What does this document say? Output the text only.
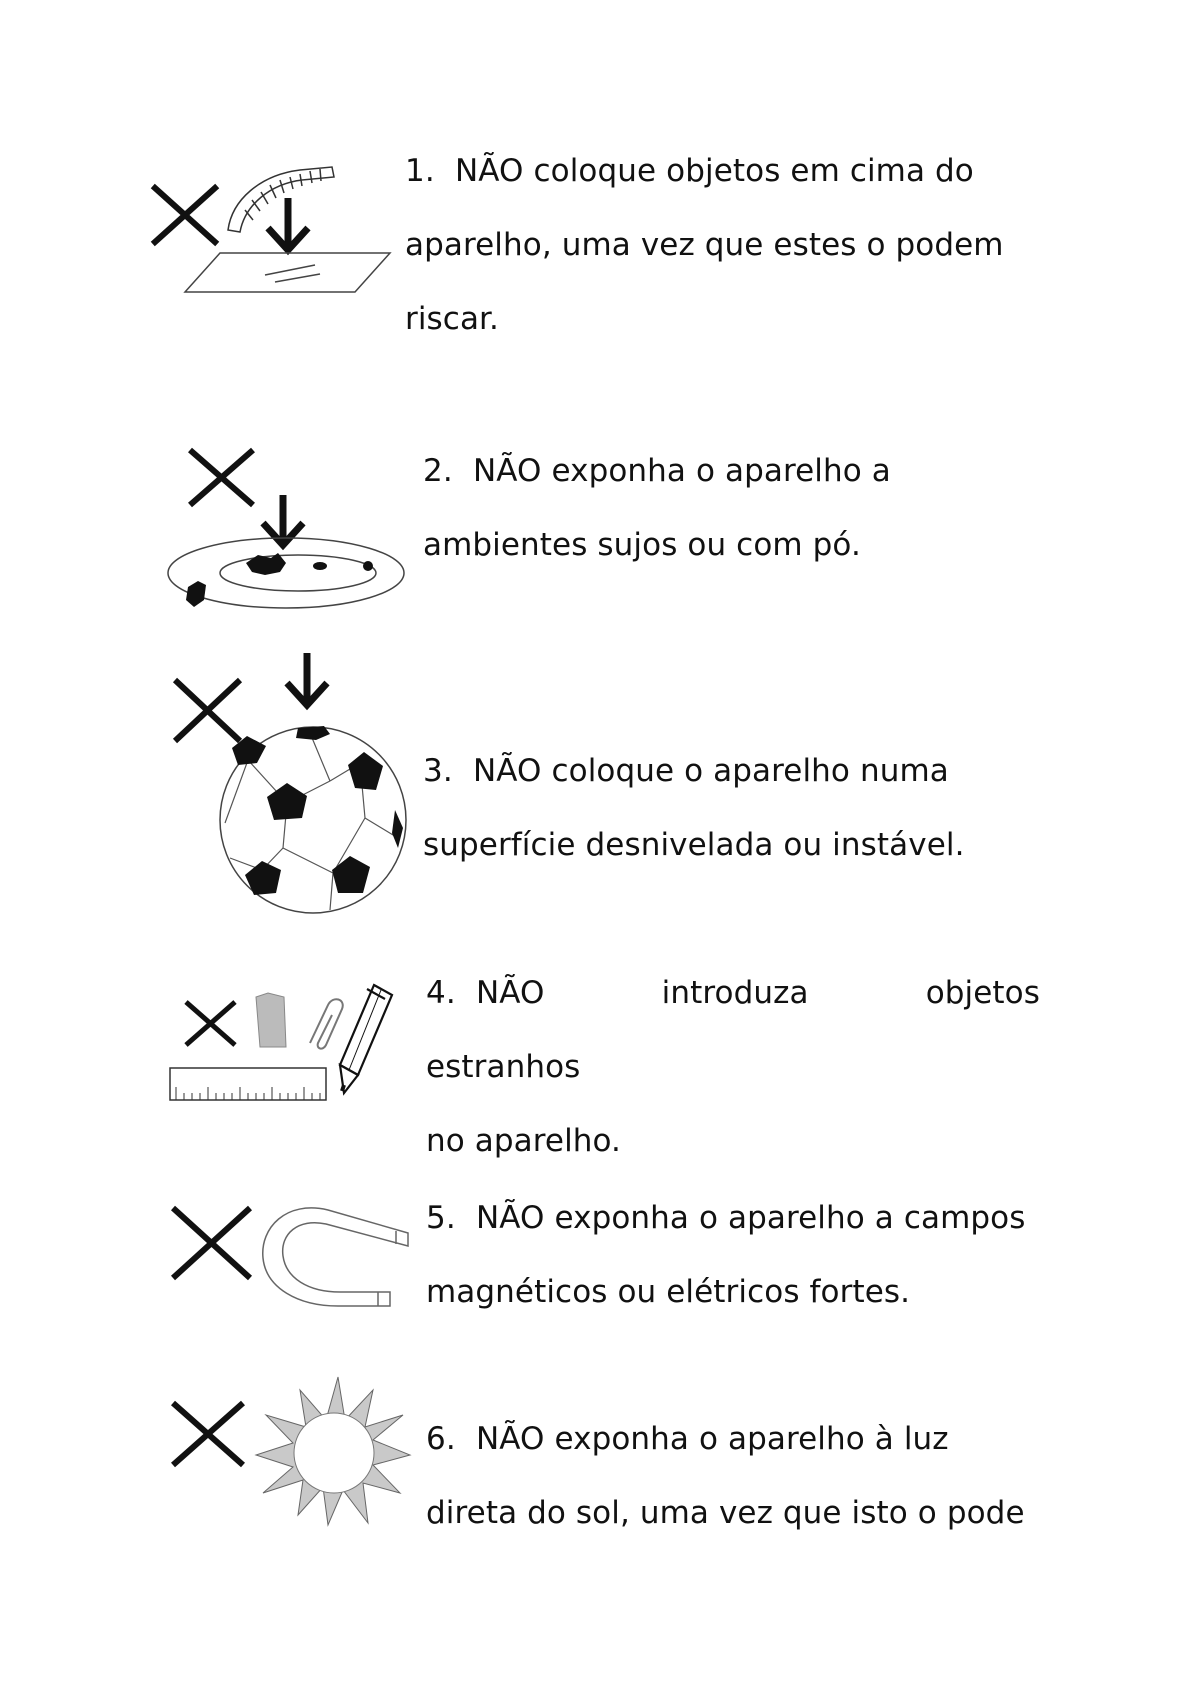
1. NÃO coloque objetos em cima do
aparelho, uma vez que estes o podem
riscar.
2. NÃO exponha o aparelho a
ambientes sujos ou com pó.
3. NÃO coloque o aparelho numa
superfície desnivelada ou instável.
4. NÃO introduza objetos estranhos
no aparelho.
5. NÃO exponha o aparelho a campos
magnéticos ou elétricos fortes.
6. NÃO exponha o aparelho à luz
direta do sol, uma vez que isto o pode
